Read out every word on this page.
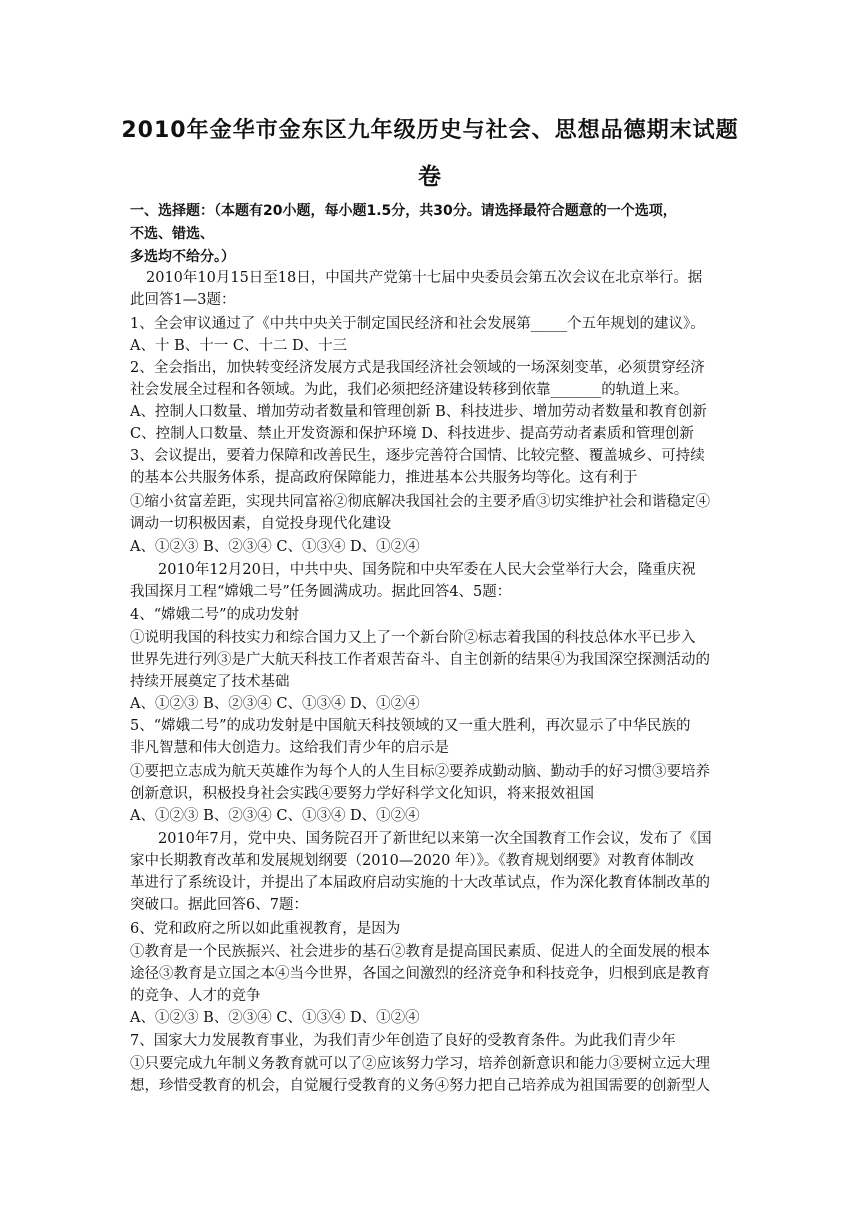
2010年金华市金东区九年级历史与社会、思想品德期末试题
卷
一、选择题：（本题有20小题，每小题1.5分，共30分。请选择最符合题意的一个选项，
不选、错选、
多选均不给分。）
2010年10月15日至18日，中国共产党第十七届中央委员会第五次会议在北京举行。据
此回答1—3题：
1、全会审议通过了《中共中央关于制定国民经济和社会发展第_____个五年规划的建议》。
A、十 B、十一 C、十二 D、十三
2、全会指出，加快转变经济发展方式是我国经济社会领域的一场深刻变革，必须贯穿经济
社会发展全过程和各领域。为此，我们必须把经济建设转移到依靠_______的轨道上来。
A、控制人口数量、增加劳动者数量和管理创新 B、科技进步、增加劳动者数量和教育创新
C、控制人口数量、禁止开发资源和保护环境 D、科技进步、提高劳动者素质和管理创新
3、会议提出，要着力保障和改善民生，逐步完善符合国情、比较完整、覆盖城乡、可持续
的基本公共服务体系，提高政府保障能力，推进基本公共服务均等化。这有利于
①缩小贫富差距，实现共同富裕②彻底解决我国社会的主要矛盾③切实维护社会和谐稳定④
调动一切积极因素，自觉投身现代化建设
A、①②③ B、②③④ C、①③④ D、①②④
2010年12月20日，中共中央、国务院和中央军委在人民大会堂举行大会，隆重庆祝
我国探月工程“嫦娥二号”任务圆满成功。据此回答4、5题：
4、“嫦娥二号”的成功发射
①说明我国的科技实力和综合国力又上了一个新台阶②标志着我国的科技总体水平已步入
世界先进行列③是广大航天科技工作者艰苦奋斗、自主创新的结果④为我国深空探测活动的
持续开展奠定了技术基础
A、①②③ B、②③④ C、①③④ D、①②④
5、“嫦娥二号”的成功发射是中国航天科技领域的又一重大胜利，再次显示了中华民族的
非凡智慧和伟大创造力。这给我们青少年的启示是
①要把立志成为航天英雄作为每个人的人生目标②要养成勤动脑、勤动手的好习惯③要培养
创新意识，积极投身社会实践④要努力学好科学文化知识，将来报效祖国
A、①②③ B、②③④ C、①③④ D、①②④
2010年7月，党中央、国务院召开了新世纪以来第一次全国教育工作会议，发布了《国
家中长期教育改革和发展规划纲要（2010—2020 年）》。《教育规划纲要》对教育体制改
革进行了系统设计，并提出了本届政府启动实施的十大改革试点，作为深化教育体制改革的
突破口。据此回答6、7题：
6、党和政府之所以如此重视教育，是因为
①教育是一个民族振兴、社会进步的基石②教育是提高国民素质、促进人的全面发展的根本
途径③教育是立国之本④当今世界，各国之间激烈的经济竞争和科技竞争，归根到底是教育
的竞争、人才的竞争
A、①②③ B、②③④ C、①③④ D、①②④
7、国家大力发展教育事业，为我们青少年创造了良好的受教育条件。为此我们青少年
①只要完成九年制义务教育就可以了②应该努力学习，培养创新意识和能力③要树立远大理
想，珍惜受教育的机会，自觉履行受教育的义务④努力把自己培养成为祖国需要的创新型人
